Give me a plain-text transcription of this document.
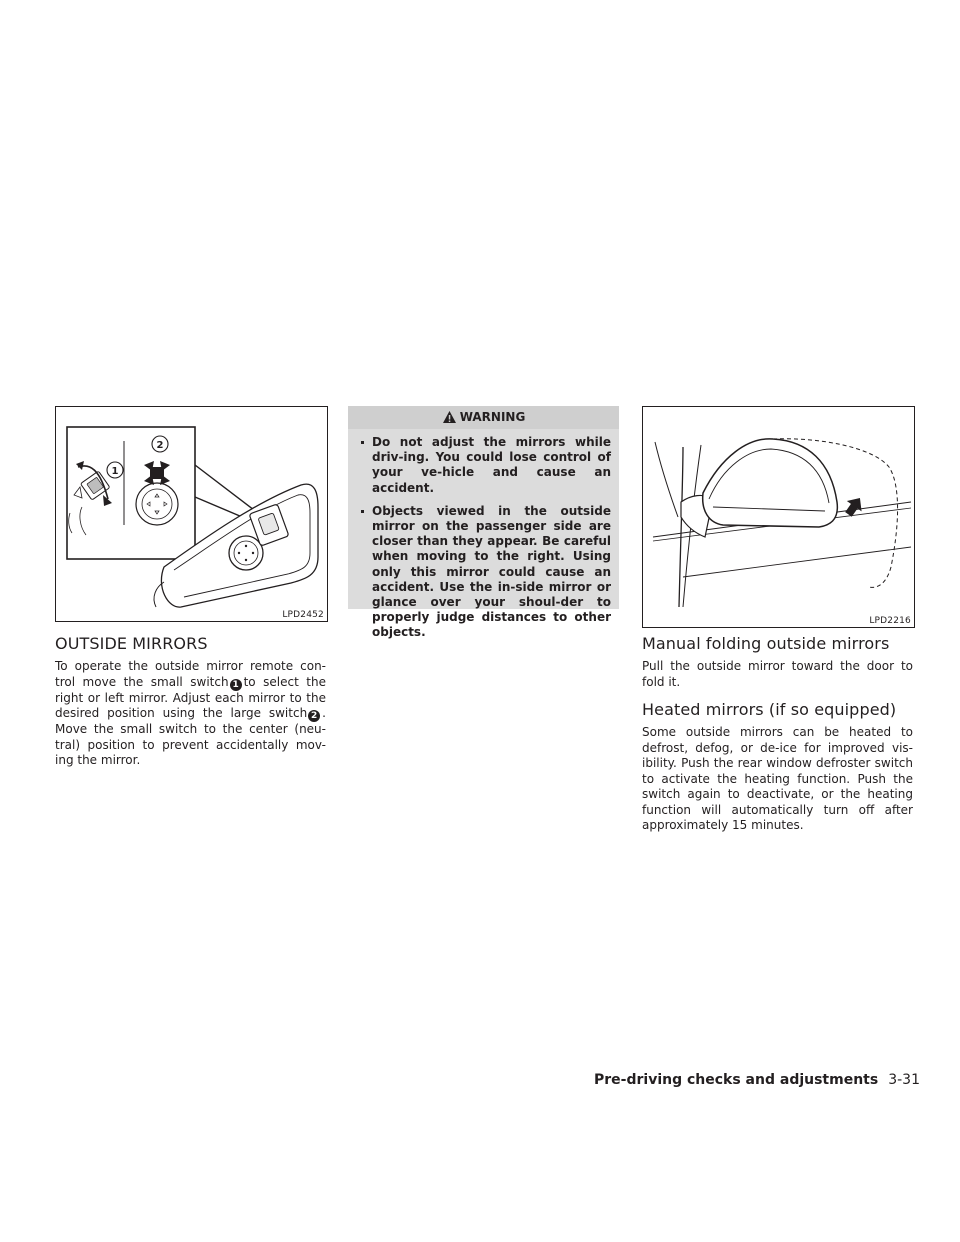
1
2
LPD2452
OUTSIDE MIRRORS

To operate the outside mirror remote con-trol move the small switch 1 to select the right or left mirror. Adjust each mirror to the desired position using the large switch 2 . Move the small switch to the center (neu-tral) position to prevent accidentally mov-ing the mirror.

WARNING
Do not adjust the mirrors while driv-ing. You could lose control of your ve-hicle and cause an accident.
Objects viewed in the outside mirror on the passenger side are closer than they appear. Be careful when moving to the right. Using only this mirror could cause an accident. Use the in-side mirror or glance over your shoul-der to properly judge distances to other objects.
LPD2216
Manual folding outside mirrors

Pull the outside mirror toward the door to fold it.

Heated mirrors (if so equipped)

Some outside mirrors can be heated to defrost, defog, or de-ice for improved vis-ibility. Push the rear window defroster switch to activate the heating function. Push the switch again to deactivate, or the heating function will automatically turn off after approximately 15 minutes.

Pre-driving checks and adjustments 3-31
